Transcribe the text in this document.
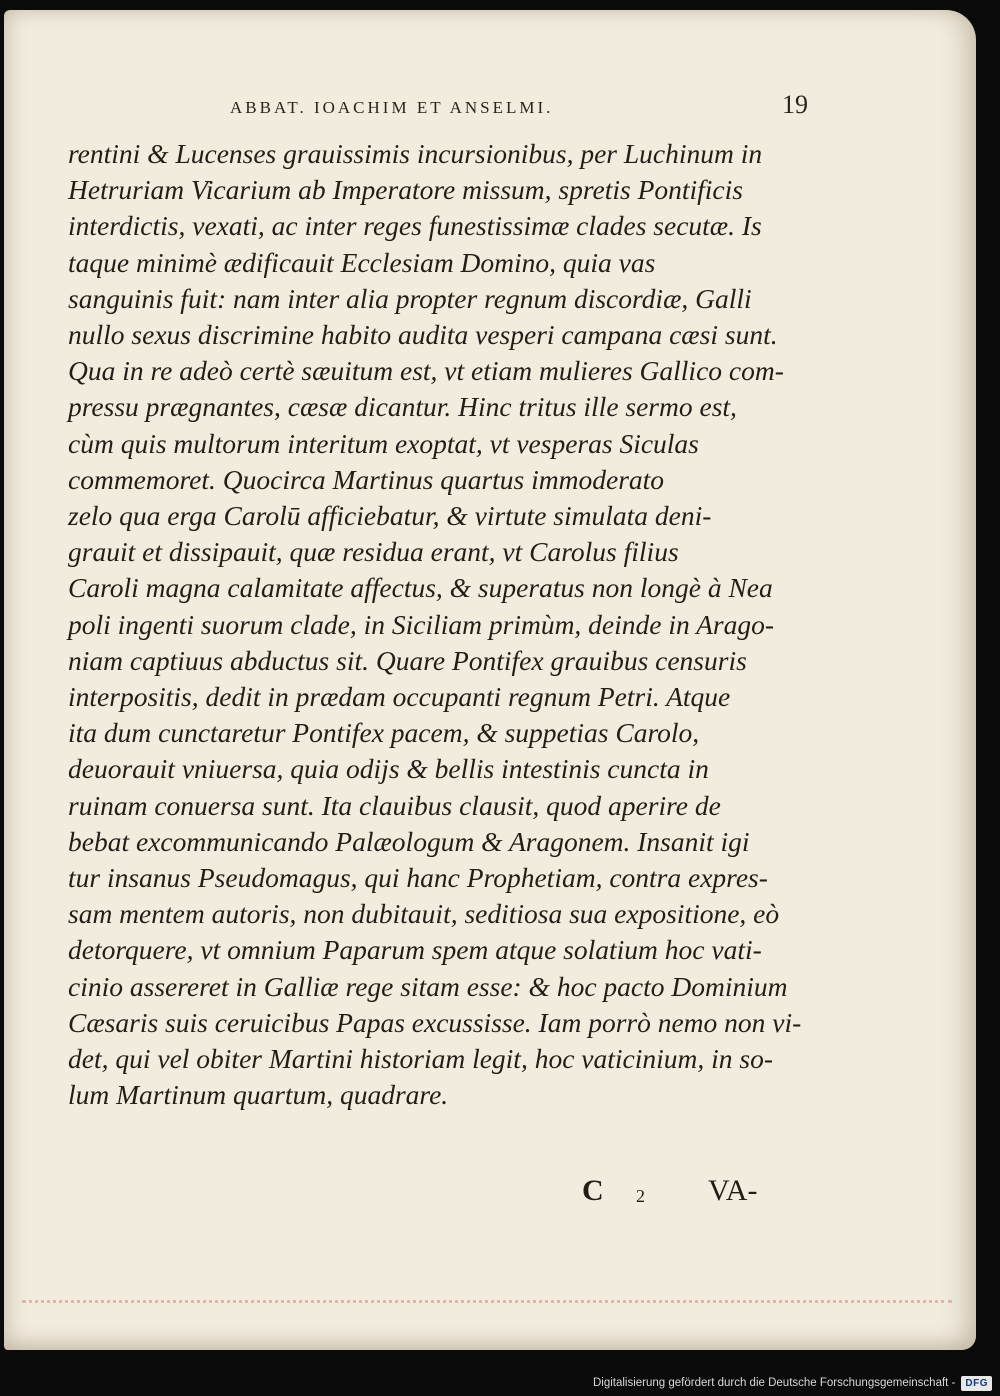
ABBAT. IOACHIM ET ANSELMI.	19
rentini & Lucenses grauissimis incursionibus, per Luchinum in
Hetruriam Vicarium ab Imperatore missum, spretis Pontificis
interdictis, vexati, ac inter reges funestissimæ clades secutæ. Is
taque minimè ædificauit Ecclesiam Domino, quia vas
sanguinis fuit: nam inter alia propter regnum discordiæ, Galli
nullo sexus discrimine habito audita vesperi campana cæsi sunt.
Qua in re adeò certè sæuitum est, vt etiam mulieres Gallico com-
pressu prægnantes, cæsæ dicantur. Hinc tritus ille sermo est,
cùm quis multorum interitum exoptat, vt vesperas Siculas
commemoret. Quocirca Martinus quartus immoderato
zelo qua erga Carolū afficiebatur, & virtute simulata deni-
grauit et dissipauit, quæ residua erant, vt Carolus filius
Caroli magna calamitate affectus, & superatus non longè à Nea
poli ingenti suorum clade, in Siciliam primùm, deinde in Arago-
niam captiuus abductus sit. Quare Pontifex grauibus censuris
interpositis, dedit in prædam occupanti regnum Petri. Atque
ita dum cunctaretur Pontifex pacem, & suppetias Carolo,
deuorauit vniuersa, quia odijs & bellis intestinis cuncta in
ruinam conuersa sunt. Ita clauibus clausit, quod aperire de
bebat excommunicando Palæologum & Aragonem. Insanit igi
tur insanus Pseudomagus, qui hanc Prophetiam, contra expres-
sam mentem autoris, non dubitauit, seditiosa sua expositione, eò
detorquere, vt omnium Paparum spem atque solatium hoc vati-
cinio assereret in Galliæ rege sitam esse: & hoc pacto Dominium
Cæsaris suis ceruicibus Papas excussisse. Iam porrò nemo non vi-
det, qui vel obiter Martini historiam legit, hoc vaticinium, in so-
lum Martinum quartum, quadrare.
C 2 VA-
Digitalisierung gefördert durch die Deutsche Forschungsgemeinschaft -	DFG
